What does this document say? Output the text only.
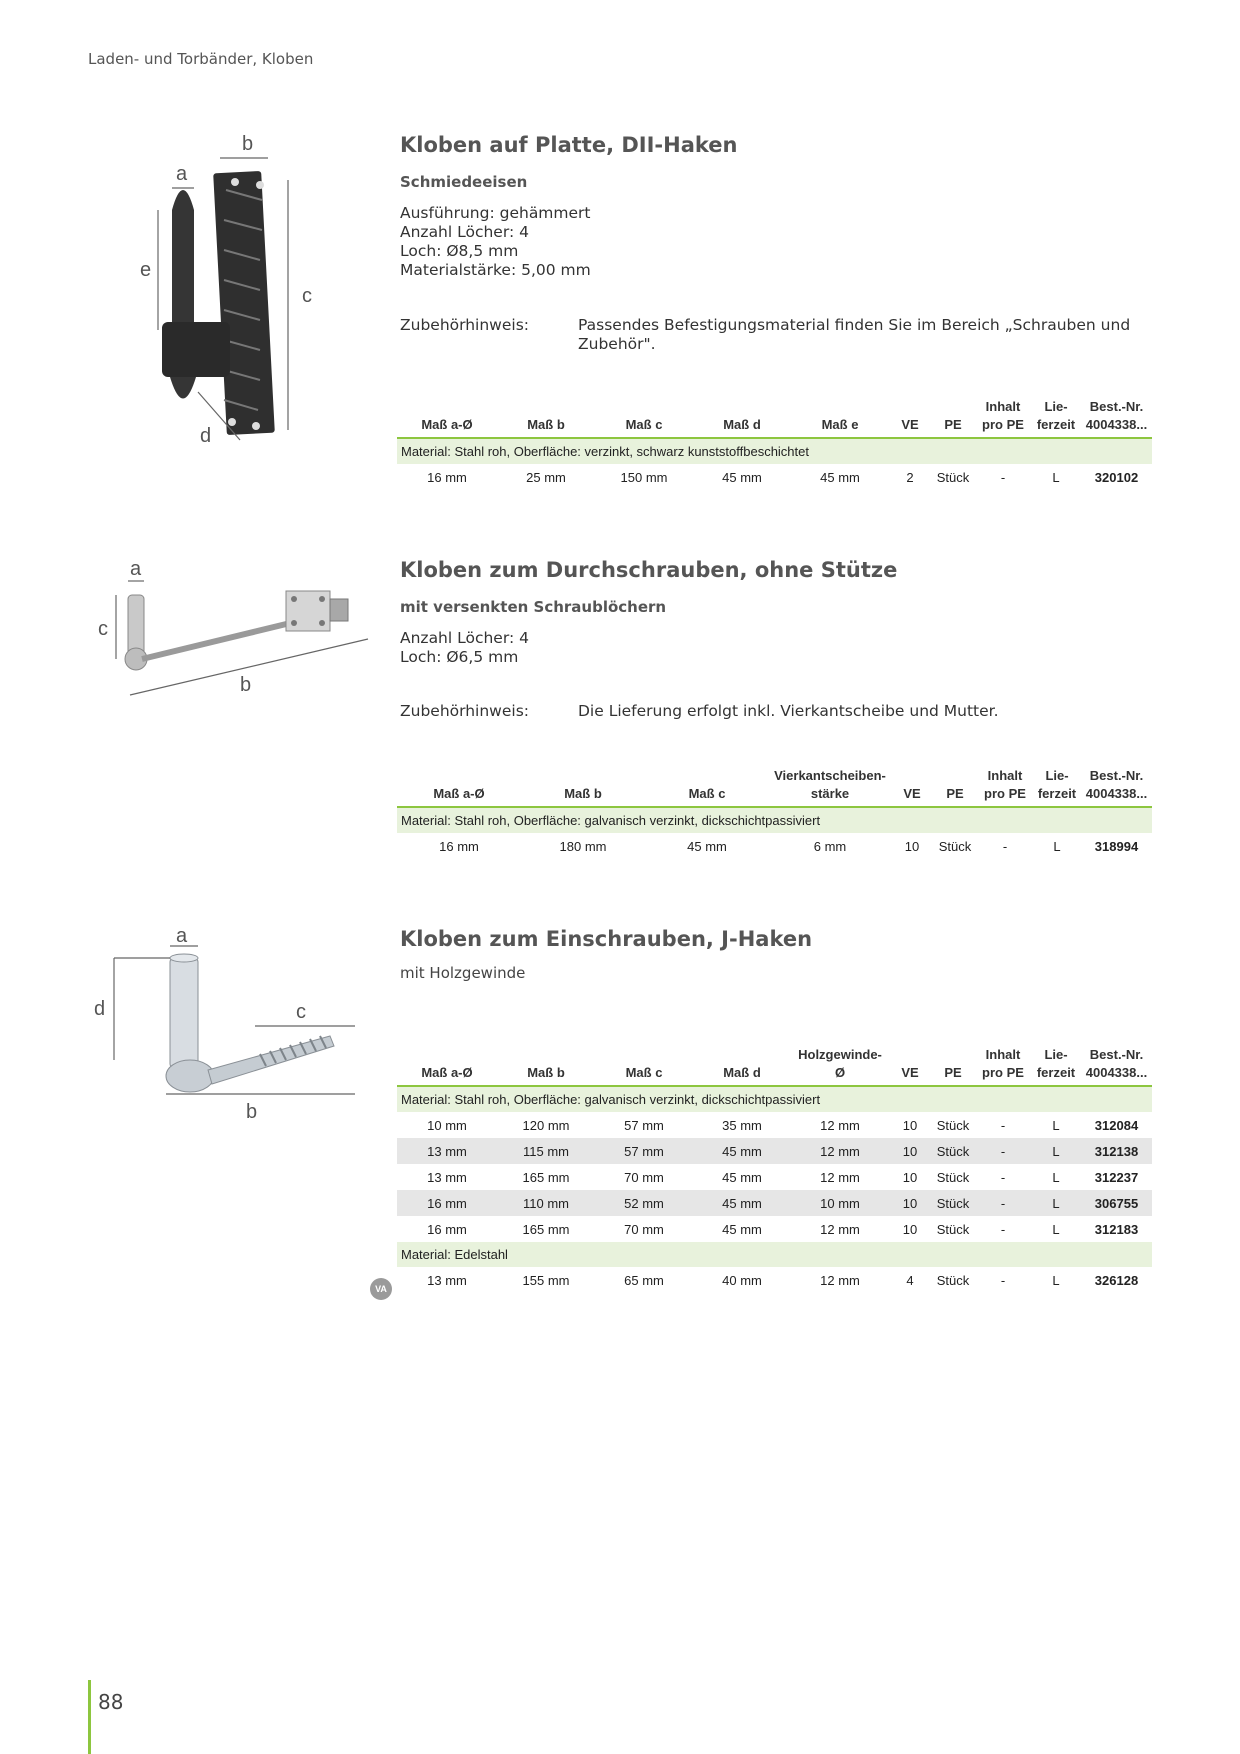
Laden- und Torbänder, Kloben
b
a
e
c
d
Kloben auf Platte, DII-Haken
Schmiedeeisen
Ausführung: gehämmert
Anzahl Löcher: 4
Loch: Ø8,5 mm
Materialstärke: 5,00 mm
Zubehörhinweis:	Passendes Befestigungsmaterial finden Sie im Bereich „Schrauben und Zubehör".
Maß a-Ø	Maß b	Maß c	Maß d	Maß e	VE	PE	Inhalt pro PE	Lie- ferzeit	Best.-Nr. 4004338...
Material: Stahl roh, Oberfläche: verzinkt, schwarz kunststoffbeschichtet									
16 mm	25 mm	150 mm	45 mm	45 mm	2	Stück	-	L	320102
a
c
b
Kloben zum Durchschrauben, ohne Stütze
mit versenkten Schraublöchern
Anzahl Löcher: 4
Loch: Ø6,5 mm
Zubehörhinweis:	Die Lieferung erfolgt inkl. Vierkantscheibe und Mutter.
Maß a-Ø	Maß b	Maß c	Vierkantscheiben- stärke	VE	PE	Inhalt pro PE	Lie- ferzeit	Best.-Nr. 4004338...
Material: Stahl roh, Oberfläche: galvanisch verzinkt, dickschichtpassiviert								
16 mm	180 mm	45 mm	6 mm	10	Stück	-	L	318994
a
d	c
b
Kloben zum Einschrauben, J-Haken
mit Holzgewinde
Maß a-Ø	Maß b	Maß c	Maß d	Holzgewinde- Ø	VE	PE	Inhalt pro PE	Lie- ferzeit	Best.-Nr. 4004338...
Material: Stahl roh, Oberfläche: galvanisch verzinkt, dickschichtpassiviert									
10 mm	120 mm	57 mm	35 mm	12 mm	10	Stück	-	L	312084
13 mm	115 mm	57 mm	45 mm	12 mm	10	Stück	-	L	312138
13 mm	165 mm	70 mm	45 mm	12 mm	10	Stück	-	L	312237
16 mm	110 mm	52 mm	45 mm	10 mm	10	Stück	-	L	306755
16 mm	165 mm	70 mm	45 mm	12 mm	10	Stück	-	L	312183
Material: Edelstahl									
13 mm	155 mm	65 mm	40 mm	12 mm	4	Stück	-	L	326128
VA
88
